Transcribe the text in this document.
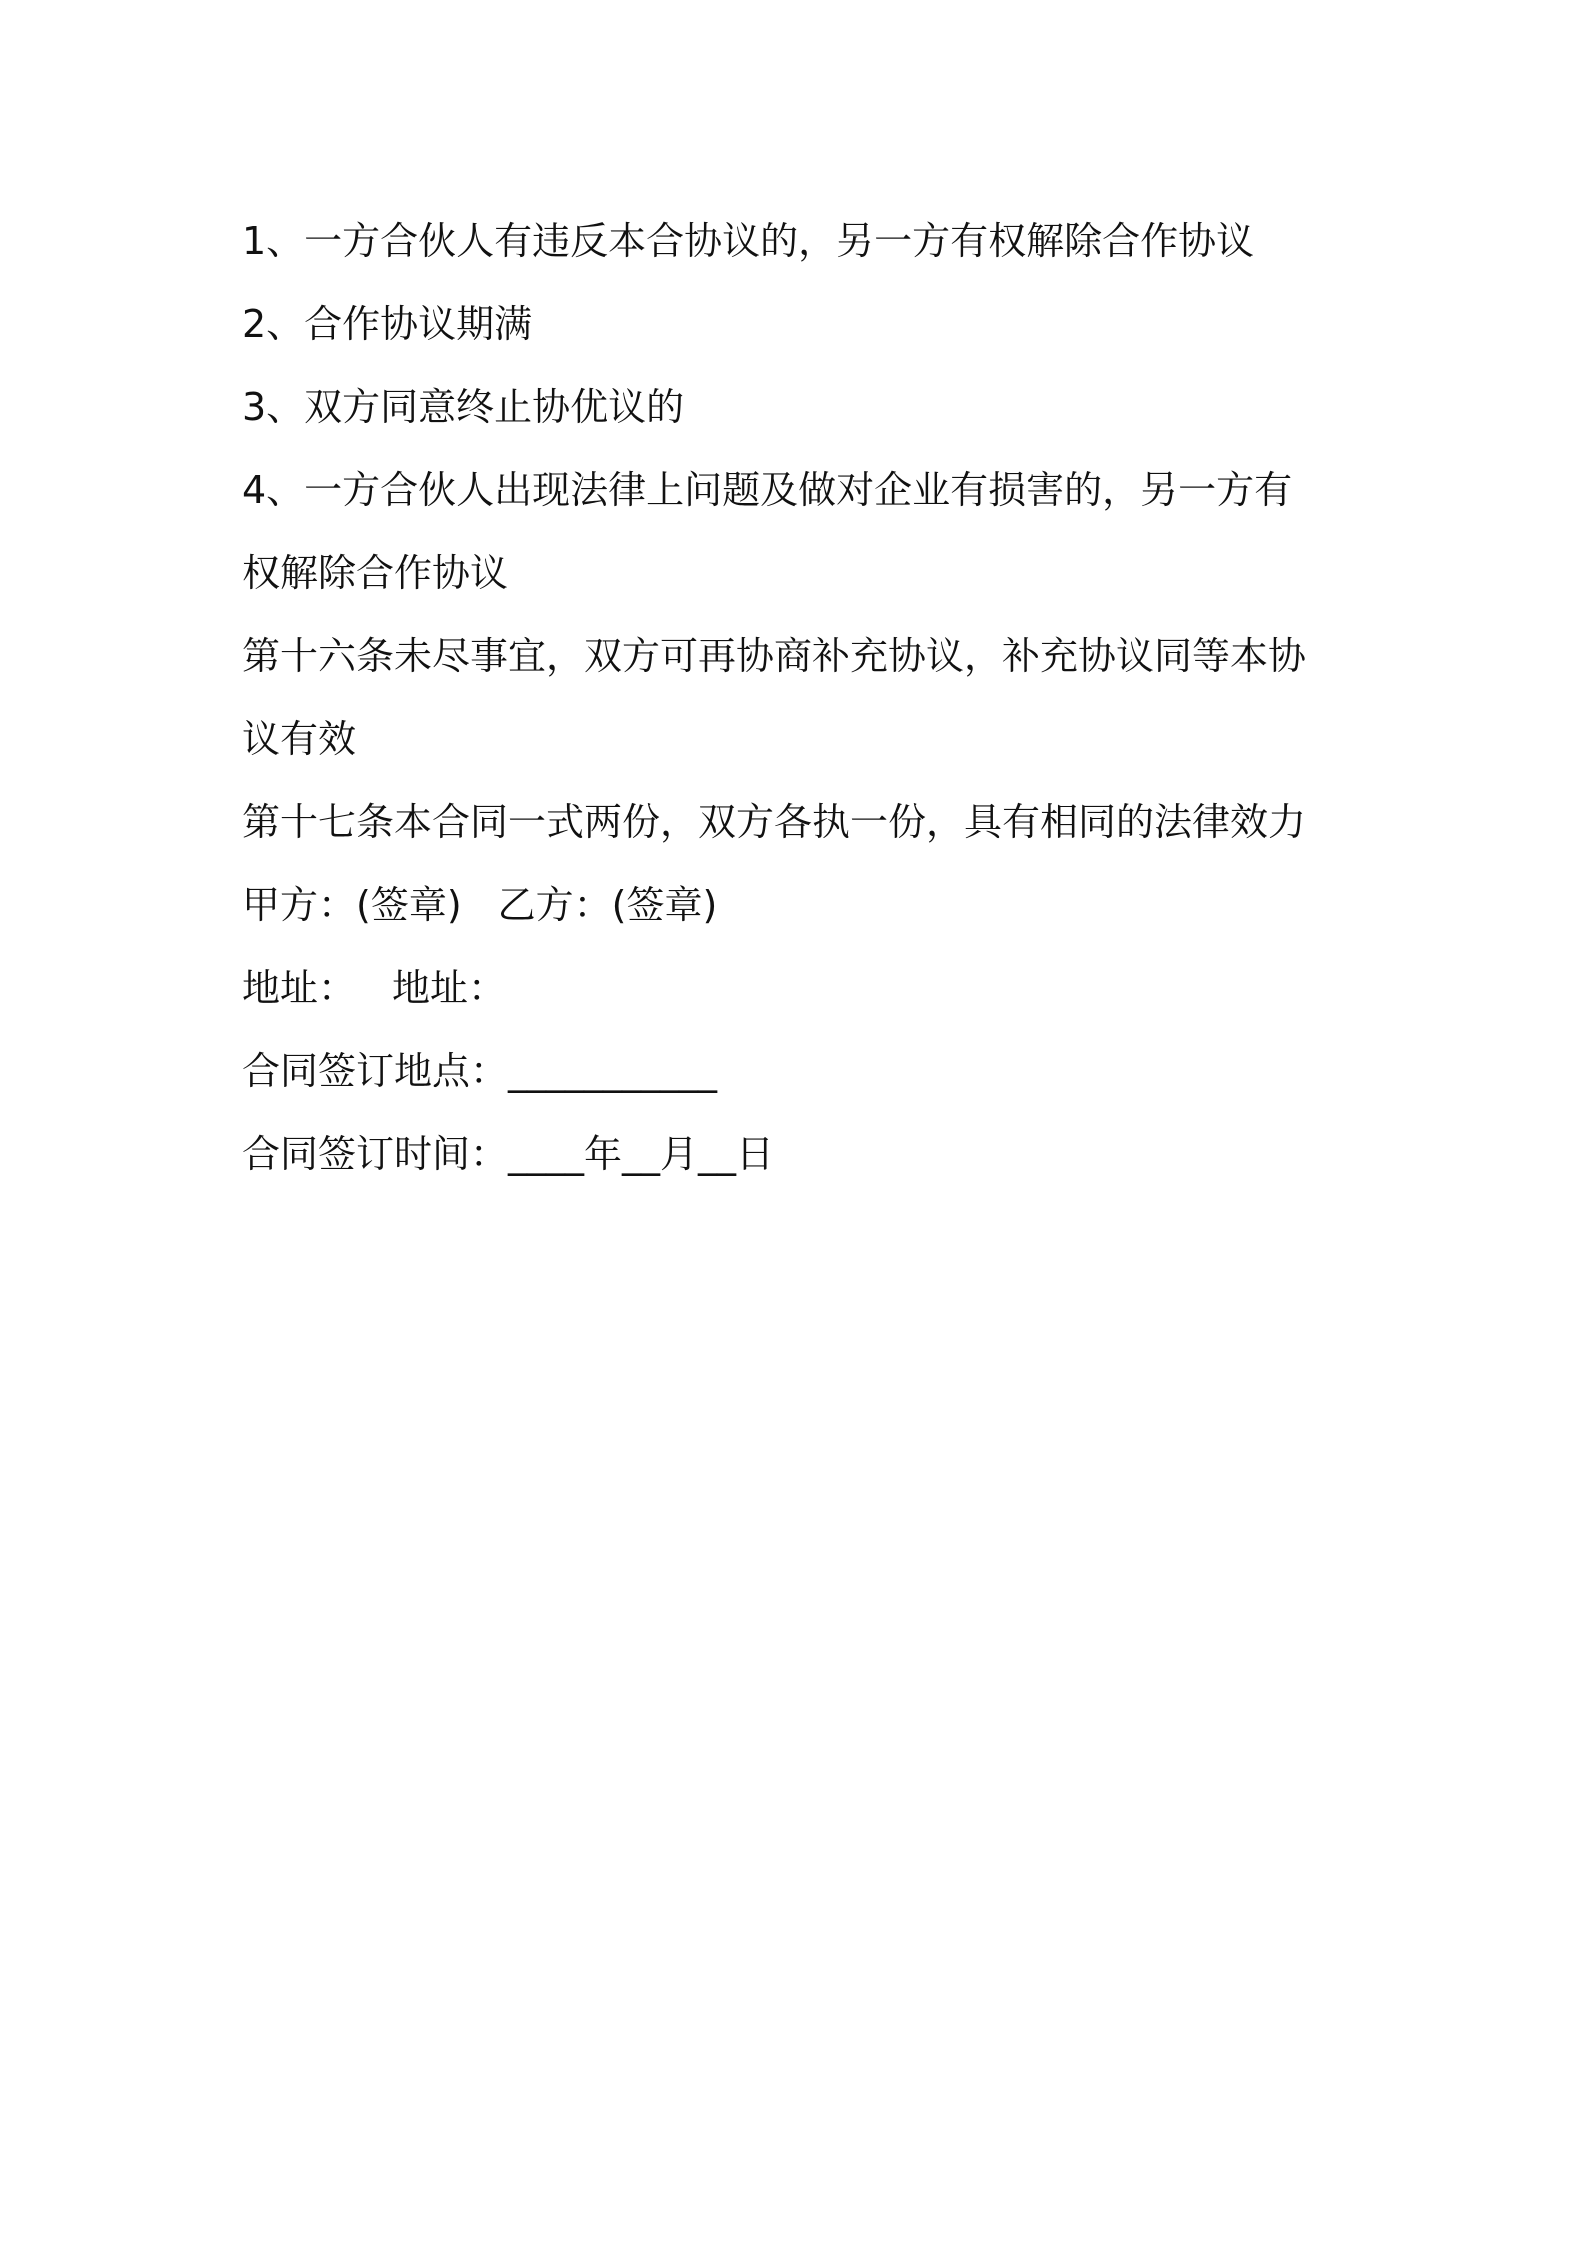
1、一方合伙人有违反本合协议的，另一方有权解除合作协议
2、合作协议期满
3、双方同意终止协优议的
4、一方合伙人出现法律上问题及做对企业有损害的，另一方有
权解除合作协议
第十六条未尽事宜，双方可再协商补充协议，补充协议同等本协
议有效
第十七条本合同一式两份，双方各执一份，具有相同的法律效力
甲方：(签章) 乙方：(签章)
地址： 地址：
合同签订地点：___________
合同签订时间：____年__月__日
